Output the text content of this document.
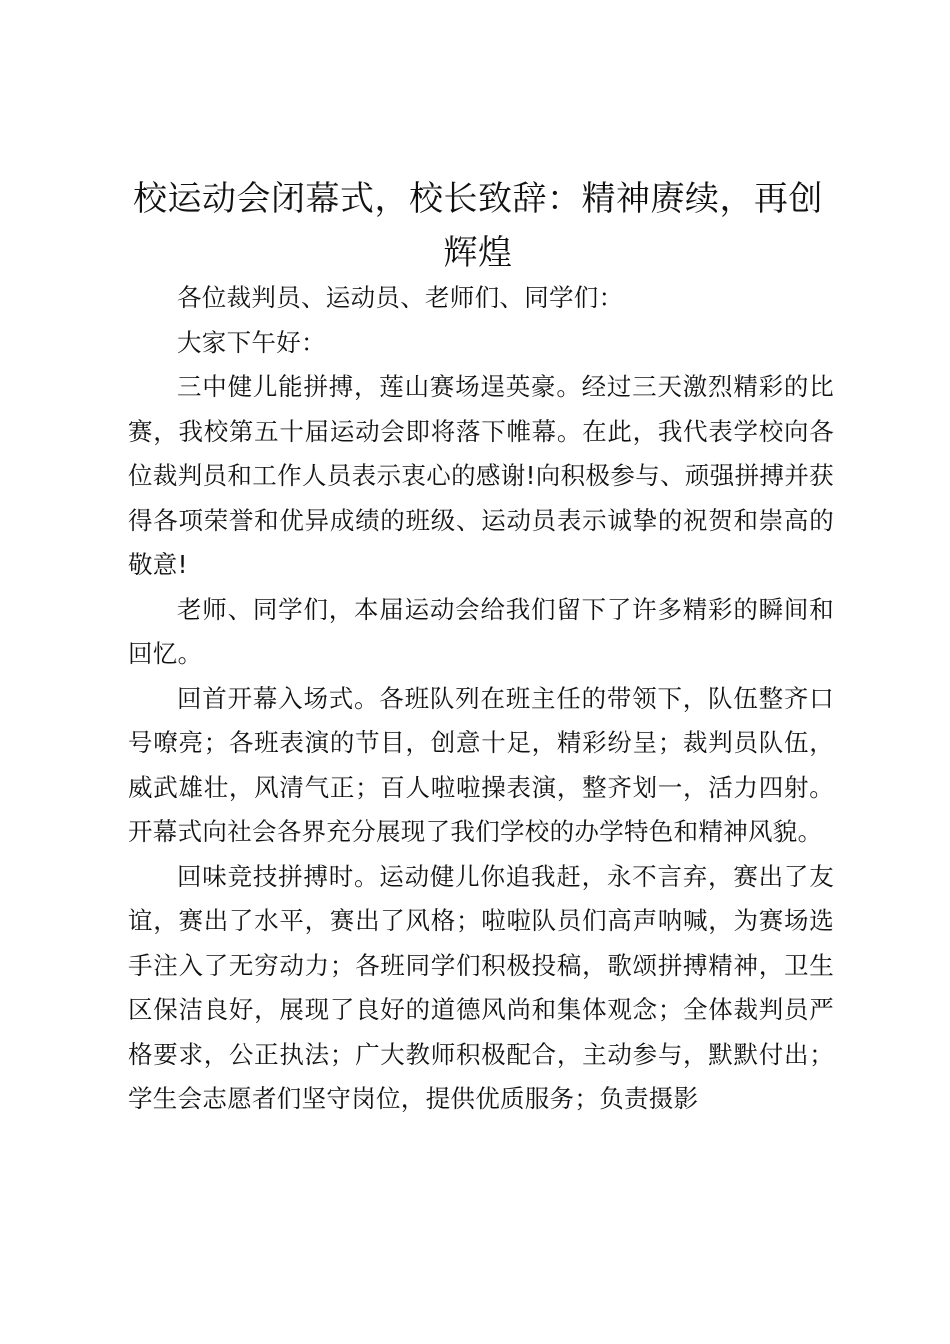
校运动会闭幕式，校长致辞：精神赓续，再创辉煌

各位裁判员、运动员、老师们、同学们：

大家下午好：

三中健儿能拼搏，莲山赛场逞英豪。经过三天激烈精彩的比赛，我校第五十届运动会即将落下帷幕。在此，我代表学校向各位裁判员和工作人员表示衷心的感谢!向积极参与、顽强拼搏并获得各项荣誉和优异成绩的班级、运动员表示诚挚的祝贺和崇高的敬意!

老师、同学们，本届运动会给我们留下了许多精彩的瞬间和回忆。

回首开幕入场式。各班队列在班主任的带领下，队伍整齐口号嘹亮；各班表演的节目，创意十足，精彩纷呈；裁判员队伍，威武雄壮，风清气正；百人啦啦操表演，整齐划一，活力四射。开幕式向社会各界充分展现了我们学校的办学特色和精神风貌。

回味竞技拼搏时。运动健儿你追我赶，永不言弃，赛出了友谊，赛出了水平，赛出了风格；啦啦队员们高声呐喊，为赛场选手注入了无穷动力；各班同学们积极投稿，歌颂拼搏精神，卫生区保洁良好，展现了良好的道德风尚和集体观念；全体裁判员严格要求，公正执法；广大教师积极配合，主动参与，默默付出；学生会志愿者们坚守岗位，提供优质服务；负责摄影
